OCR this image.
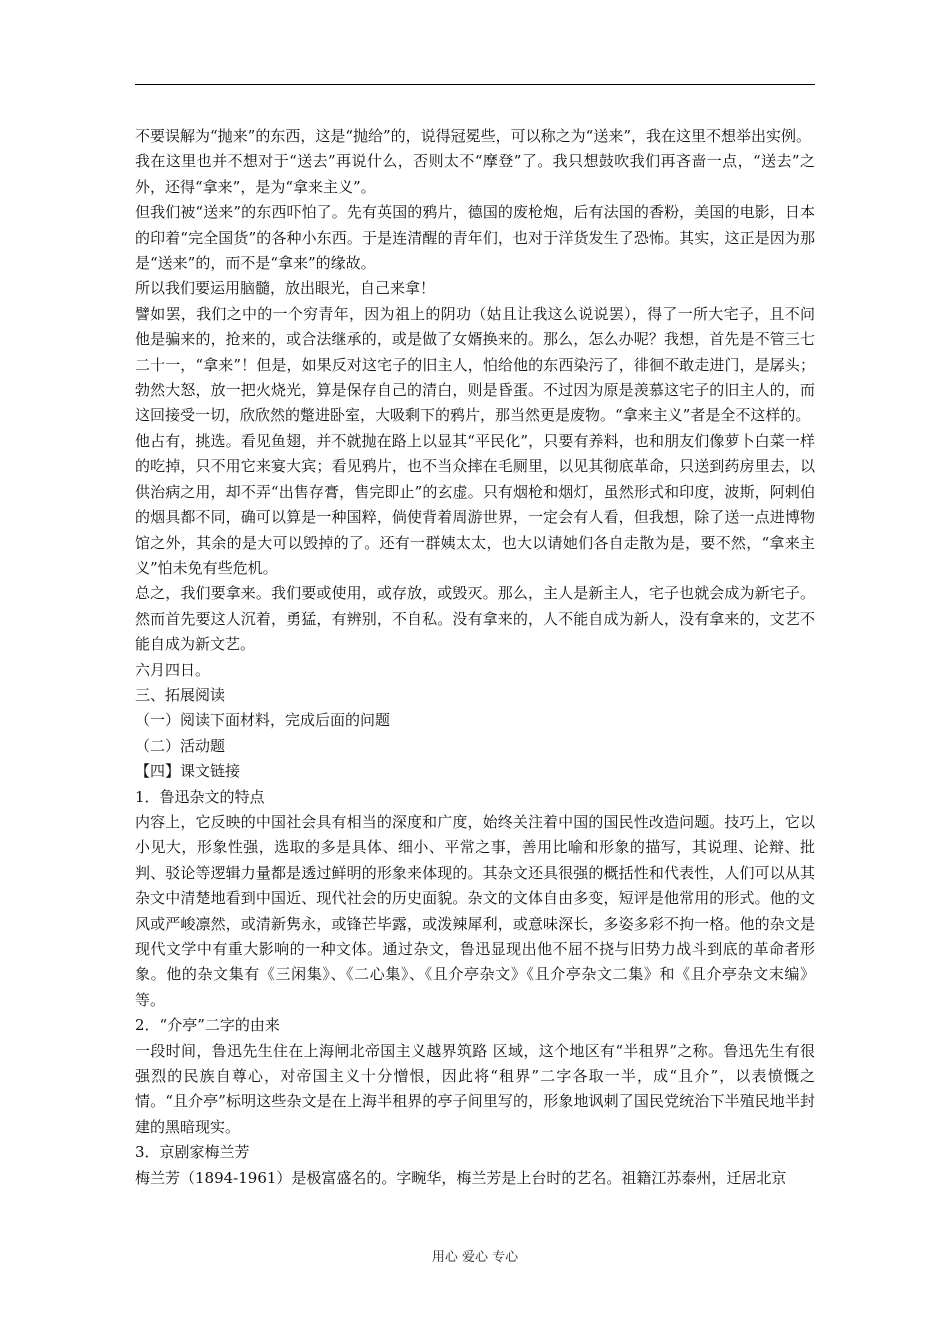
不要误解为“抛来”的东西，这是“抛给”的，说得冠冕些，可以称之为“送来”，我在这里不想举出实例。

我在这里也并不想对于“送去”再说什么，否则太不“摩登”了。我只想鼓吹我们再吝啬一点，“送去”之外，还得“拿来”，是为“拿来主义”。

但我们被“送来”的东西吓怕了。先有英国的鸦片，德国的废枪炮，后有法国的香粉，美国的电影，日本的印着“完全国货”的各种小东西。于是连清醒的青年们，也对于洋货发生了恐怖。其实，这正是因为那是“送来”的，而不是“拿来”的缘故。

所以我们要运用脑髓，放出眼光，自己来拿！

譬如罢，我们之中的一个穷青年，因为祖上的阴功（姑且让我这么说说罢），得了一所大宅子，且不问他是骗来的，抢来的，或合法继承的，或是做了女婿换来的。那么，怎么办呢？我想，首先是不管三七二十一，“拿来”！但是，如果反对这宅子的旧主人，怕给他的东西染污了，徘徊不敢走进门，是孱头；勃然大怒，放一把火烧光，算是保存自己的清白，则是昏蛋。不过因为原是羡慕这宅子的旧主人的，而这回接受一切，欣欣然的蹩进卧室，大吸剩下的鸦片，那当然更是废物。“拿来主义”者是全不这样的。

他占有，挑选。看见鱼翅，并不就抛在路上以显其“平民化”，只要有养料，也和朋友们像萝卜白菜一样的吃掉，只不用它来宴大宾；看见鸦片，也不当众摔在毛厕里，以见其彻底革命，只送到药房里去，以供治病之用，却不弄“出售存膏，售完即止”的玄虚。只有烟枪和烟灯，虽然形式和印度，波斯，阿剌伯的烟具都不同，确可以算是一种国粹，倘使背着周游世界，一定会有人看，但我想，除了送一点进博物馆之外，其余的是大可以毁掉的了。还有一群姨太太，也大以请她们各自走散为是，要不然，“拿来主义”怕未免有些危机。

总之，我们要拿来。我们要或使用，或存放，或毁灭。那么，主人是新主人，宅子也就会成为新宅子。然而首先要这人沉着，勇猛，有辨别，不自私。没有拿来的，人不能自成为新人，没有拿来的，文艺不能自成为新文艺。

六月四日。

三、拓展阅读

（一）阅读下面材料，完成后面的问题

（二）活动题

【四】课文链接

1．鲁迅杂文的特点

内容上，它反映的中国社会具有相当的深度和广度，始终关注着中国的国民性改造问题。技巧上，它以小见大，形象性强，选取的多是具体、细小、平常之事，善用比喻和形象的描写，其说理、论辩、批判、驳论等逻辑力量都是透过鲜明的形象来体现的。其杂文还具很强的概括性和代表性，人们可以从其杂文中清楚地看到中国近、现代社会的历史面貌。杂文的文体自由多变，短评是他常用的形式。他的文风或严峻凛然，或清新隽永，或锋芒毕露，或泼辣犀利，或意味深长，多姿多彩不拘一格。他的杂文是现代文学中有重大影响的一种文体。通过杂文，鲁迅显现出他不屈不挠与旧势力战斗到底的革命者形象。他的杂文集有《三闲集》、《二心集》、《且介亭杂文》《且介亭杂文二集》和《且介亭杂文末编》等。

2．“介亭”二字的由来

一段时间，鲁迅先生住在上海闸北帝国主义越界筑路 区域，这个地区有“半租界”之称。鲁迅先生有很强烈的民族自尊心，对帝国主义十分憎恨，因此将“租界”二字各取一半，成“且介”，以表愤慨之情。“且介亭”标明这些杂文是在上海半租界的亭子间里写的，形象地讽刺了国民党统治下半殖民地半封建的黑暗现实。

3．京剧家梅兰芳

梅兰芳（1894-1961）是极富盛名的。字畹华，梅兰芳是上台时的艺名。祖籍江苏泰州，迁居北京

用心 爱心 专心
